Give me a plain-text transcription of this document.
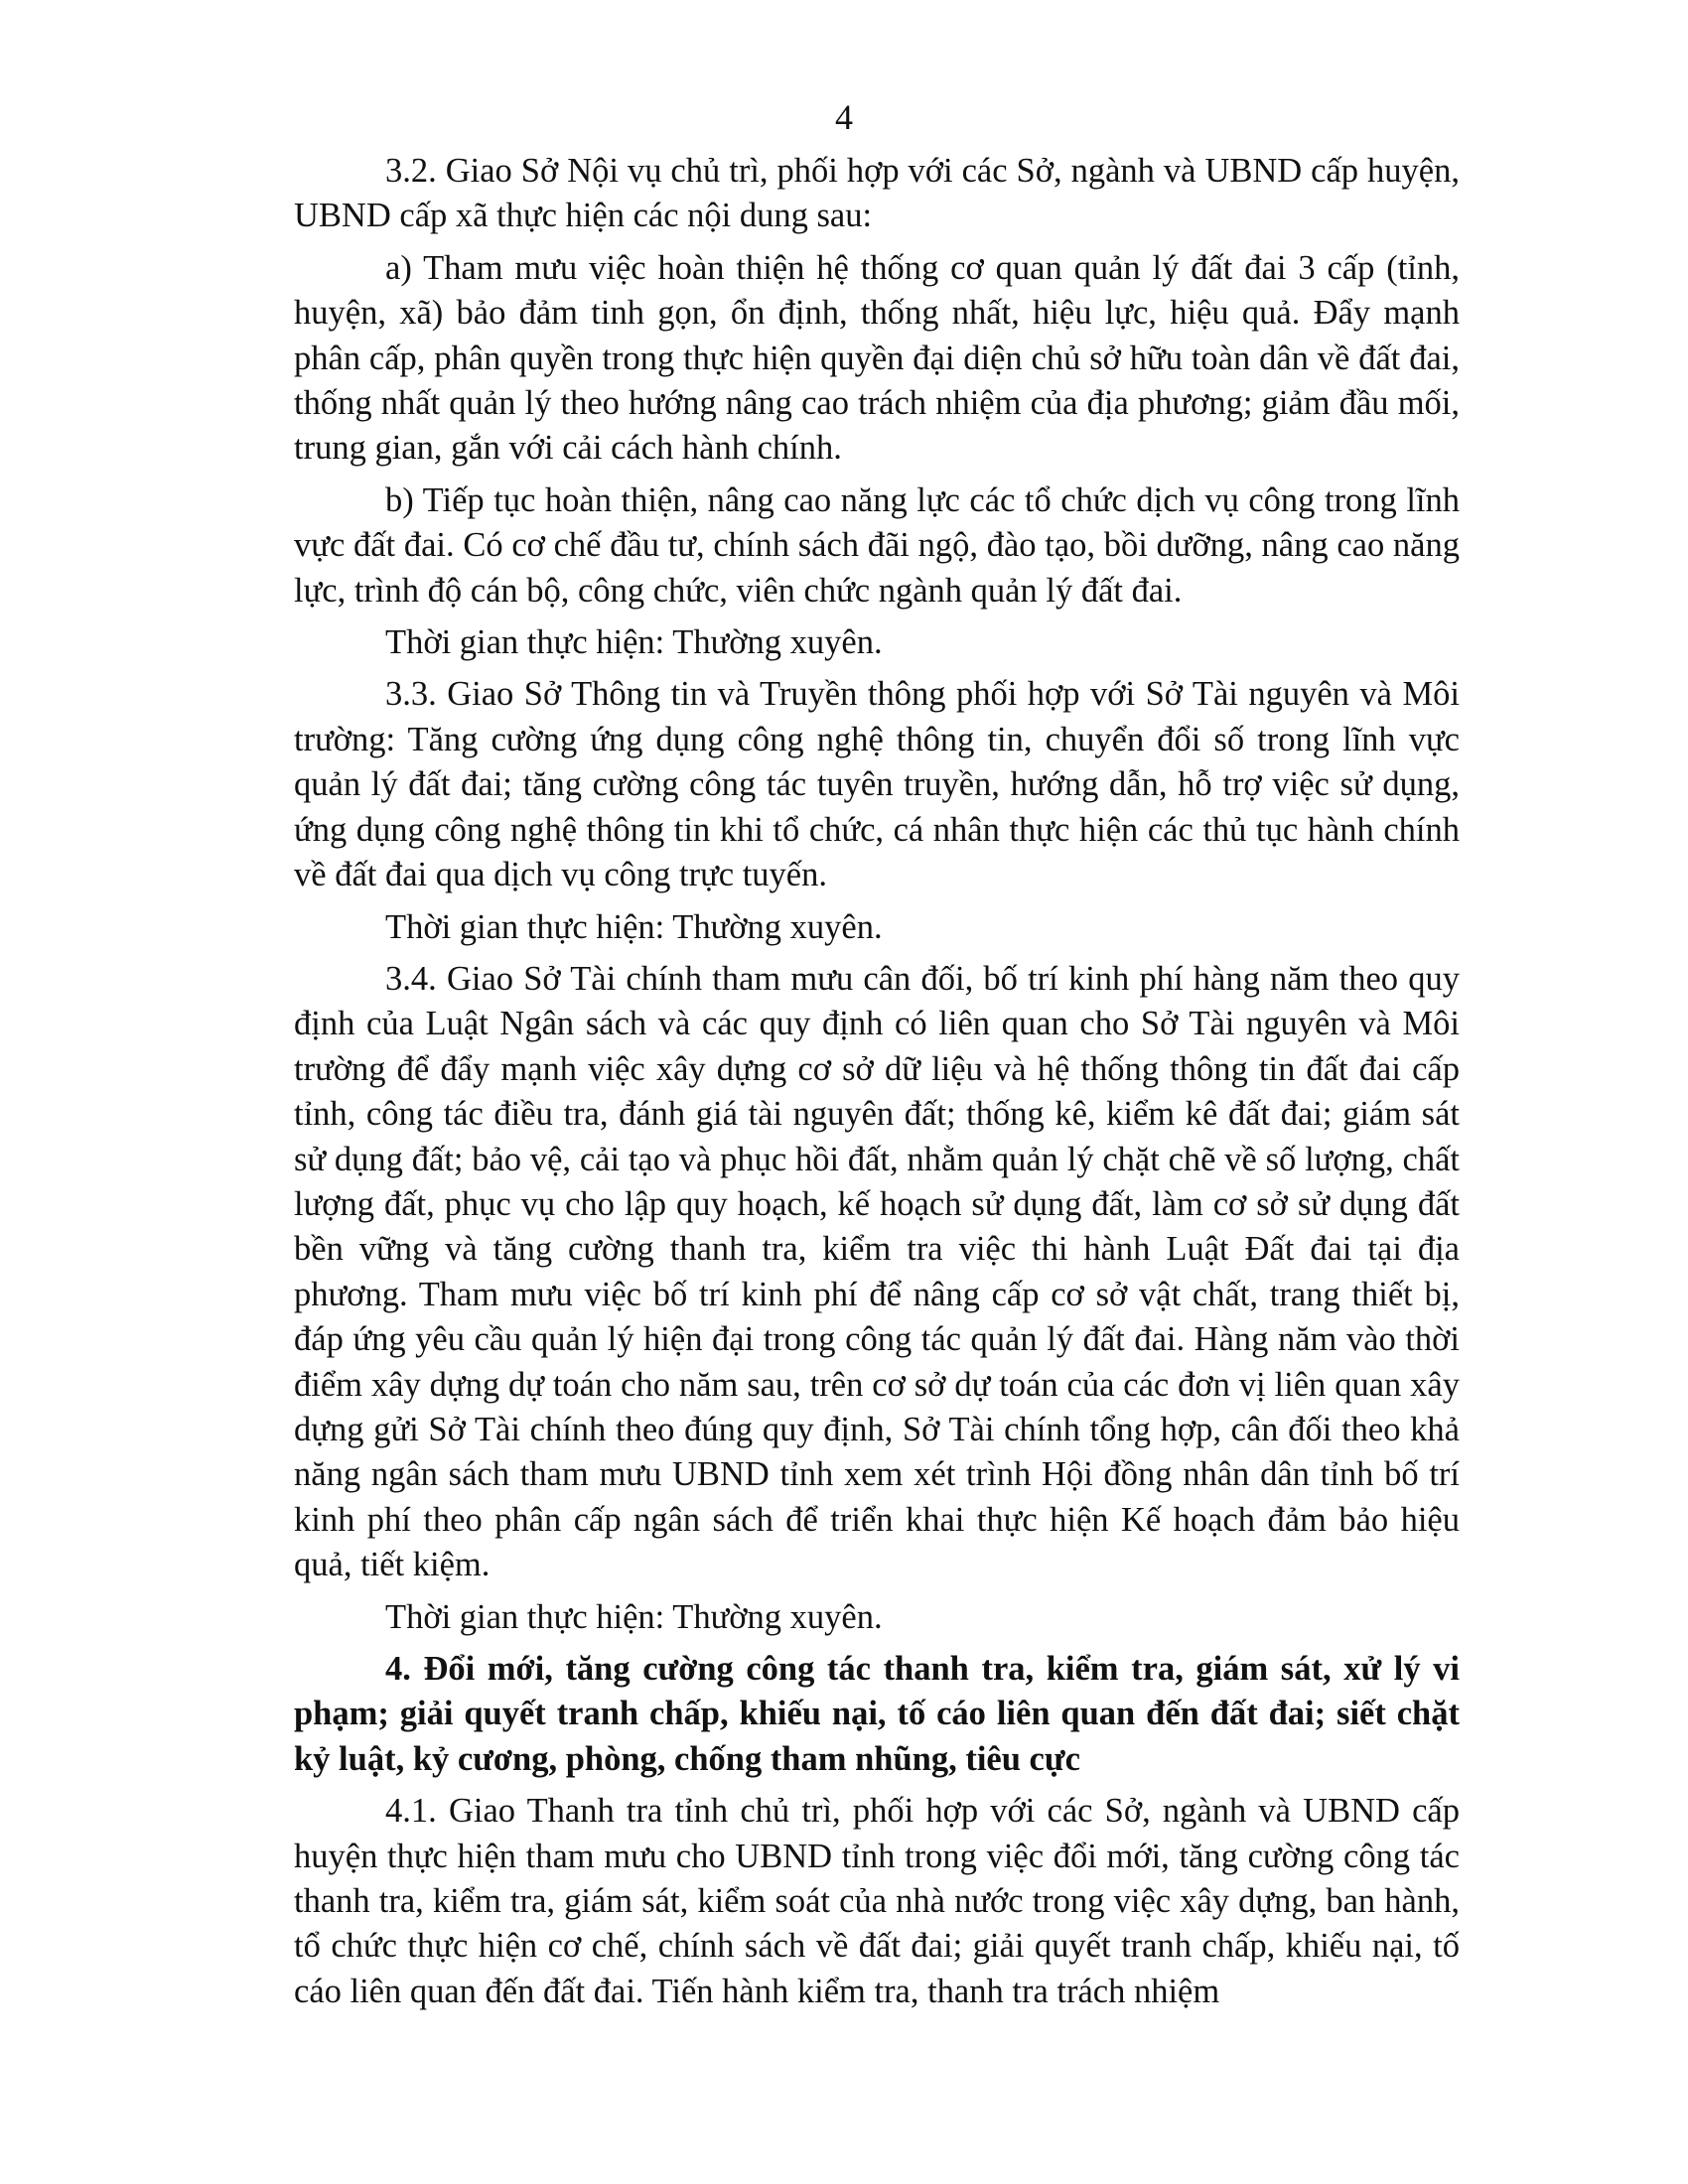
4

3.2. Giao Sở Nội vụ chủ trì, phối hợp với các Sở, ngành và UBND cấp huyện, UBND cấp xã thực hiện các nội dung sau:

a) Tham mưu việc hoàn thiện hệ thống cơ quan quản lý đất đai 3 cấp (tỉnh, huyện, xã) bảo đảm tinh gọn, ổn định, thống nhất, hiệu lực, hiệu quả. Đẩy mạnh phân cấp, phân quyền trong thực hiện quyền đại diện chủ sở hữu toàn dân về đất đai, thống nhất quản lý theo hướng nâng cao trách nhiệm của địa phương; giảm đầu mối, trung gian, gắn với cải cách hành chính.

b) Tiếp tục hoàn thiện, nâng cao năng lực các tổ chức dịch vụ công trong lĩnh vực đất đai. Có cơ chế đầu tư, chính sách đãi ngộ, đào tạo, bồi dưỡng, nâng cao năng lực, trình độ cán bộ, công chức, viên chức ngành quản lý đất đai.

Thời gian thực hiện: Thường xuyên.

3.3. Giao Sở Thông tin và Truyền thông phối hợp với Sở Tài nguyên và Môi trường: Tăng cường ứng dụng công nghệ thông tin, chuyển đổi số trong lĩnh vực quản lý đất đai; tăng cường công tác tuyên truyền, hướng dẫn, hỗ trợ việc sử dụng, ứng dụng công nghệ thông tin khi tổ chức, cá nhân thực hiện các thủ tục hành chính về đất đai qua dịch vụ công trực tuyến.

Thời gian thực hiện: Thường xuyên.

3.4. Giao Sở Tài chính tham mưu cân đối, bố trí kinh phí hàng năm theo quy định của Luật Ngân sách và các quy định có liên quan cho Sở Tài nguyên và Môi trường để đẩy mạnh việc xây dựng cơ sở dữ liệu và hệ thống thông tin đất đai cấp tỉnh, công tác điều tra, đánh giá tài nguyên đất; thống kê, kiểm kê đất đai; giám sát sử dụng đất; bảo vệ, cải tạo và phục hồi đất, nhằm quản lý chặt chẽ về số lượng, chất lượng đất, phục vụ cho lập quy hoạch, kế hoạch sử dụng đất, làm cơ sở sử dụng đất bền vững và tăng cường thanh tra, kiểm tra việc thi hành Luật Đất đai tại địa phương. Tham mưu việc bố trí kinh phí để nâng cấp cơ sở vật chất, trang thiết bị, đáp ứng yêu cầu quản lý hiện đại trong công tác quản lý đất đai. Hàng năm vào thời điểm xây dựng dự toán cho năm sau, trên cơ sở dự toán của các đơn vị liên quan xây dựng gửi Sở Tài chính theo đúng quy định, Sở Tài chính tổng hợp, cân đối theo khả năng ngân sách tham mưu UBND tỉnh xem xét trình Hội đồng nhân dân tỉnh bố trí kinh phí theo phân cấp ngân sách để triển khai thực hiện Kế hoạch đảm bảo hiệu quả, tiết kiệm.

Thời gian thực hiện: Thường xuyên.

4. Đổi mới, tăng cường công tác thanh tra, kiểm tra, giám sát, xử lý vi phạm; giải quyết tranh chấp, khiếu nại, tố cáo liên quan đến đất đai; siết chặt kỷ luật, kỷ cương, phòng, chống tham nhũng, tiêu cực

4.1. Giao Thanh tra tỉnh chủ trì, phối hợp với các Sở, ngành và UBND cấp huyện thực hiện tham mưu cho UBND tỉnh trong việc đổi mới, tăng cường công tác thanh tra, kiểm tra, giám sát, kiểm soát của nhà nước trong việc xây dựng, ban hành, tổ chức thực hiện cơ chế, chính sách về đất đai; giải quyết tranh chấp, khiếu nại, tố cáo liên quan đến đất đai. Tiến hành kiểm tra, thanh tra trách nhiệm
